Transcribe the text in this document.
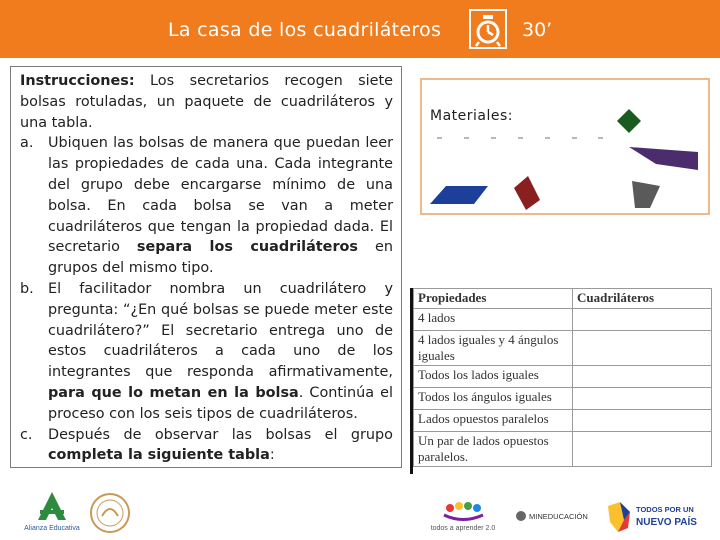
La casa de los cuadriláteros	30’

Instrucciones: Los secretarios recogen siete bolsas rotuladas, un paquete de cuadriláteros y una tabla.

a. Ubiquen las bolsas de manera que puedan leer las propiedades de cada una. Cada integrante del grupo debe encargarse mínimo de una bolsa. En cada bolsa se van a meter cuadriláteros que tengan la propiedad dada. El secretario separa los cuadriláteros en grupos del mismo tipo.
b. El facilitador nombra un cuadrilátero y pregunta: “¿En qué bolsas se puede meter este cuadrilátero?” El secretario entrega uno de estos cuadriláteros a cada uno de los integrantes que responda afirmativamente, para que lo metan en la bolsa. Continúa el proceso con los seis tipos de cuadriláteros.
c. Después de observar las bolsas el grupo completa la siguiente tabla:
Materiales:
Propiedades	Cuadriláteros
4 lados	
4 lados iguales y 4 ángulos iguales	
Todos los lados iguales	
Todos los ángulos iguales	
Lados opuestos paralelos	
Un par de lados opuestos paralelos.	
Alianza Educativa	todos a aprender 2.0
MINEDUCACIÓN
TODOS POR UN
NUEVO PAÍS
